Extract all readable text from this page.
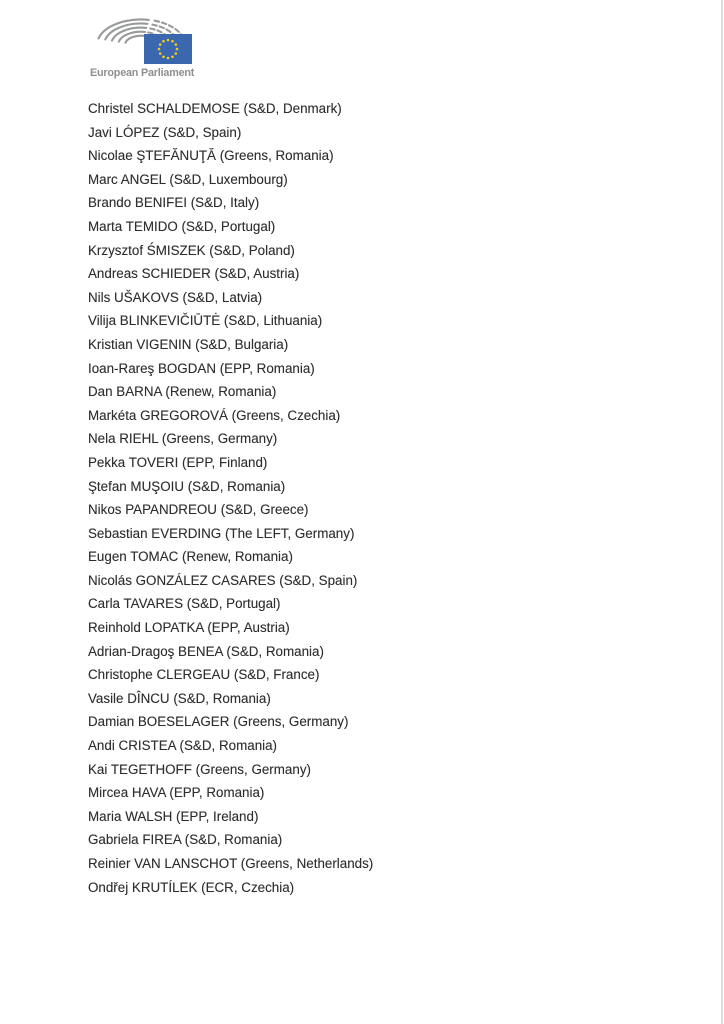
European Parliament
Christel SCHALDEMOSE (S&D, Denmark)
Javi LÓPEZ (S&D, Spain)
Nicolae ŞTEFĂNUŢĂ (Greens, Romania)
Marc ANGEL (S&D, Luxembourg)
Brando BENIFEI (S&D, Italy)
Marta TEMIDO (S&D, Portugal)
Krzysztof ŚMISZEK (S&D, Poland)
Andreas SCHIEDER (S&D, Austria)
Nils UŠAKOVS (S&D, Latvia)
Vilija BLINKEVIČIŪTĖ (S&D, Lithuania)
Kristian VIGENIN (S&D, Bulgaria)
Ioan-Rareş BOGDAN (EPP, Romania)
Dan BARNA (Renew, Romania)
Markéta GREGOROVÁ (Greens, Czechia)
Nela RIEHL (Greens, Germany)
Pekka TOVERI (EPP, Finland)
Ştefan MUŞOIU (S&D, Romania)
Nikos PAPANDREOU (S&D, Greece)
Sebastian EVERDING (The LEFT, Germany)
Eugen TOMAC (Renew, Romania)
Nicolás GONZÁLEZ CASARES (S&D, Spain)
Carla TAVARES (S&D, Portugal)
Reinhold LOPATKA (EPP, Austria)
Adrian-Dragoş BENEA (S&D, Romania)
Christophe CLERGEAU (S&D, France)
Vasile DÎNCU (S&D, Romania)
Damian BOESELAGER (Greens, Germany)
Andi CRISTEA (S&D, Romania)
Kai TEGETHOFF (Greens, Germany)
Mircea HAVA (EPP, Romania)
Maria WALSH (EPP, Ireland)
Gabriela FIREA (S&D, Romania)
Reinier VAN LANSCHOT (Greens, Netherlands)
Ondřej KRUTÍLEK (ECR, Czechia)
